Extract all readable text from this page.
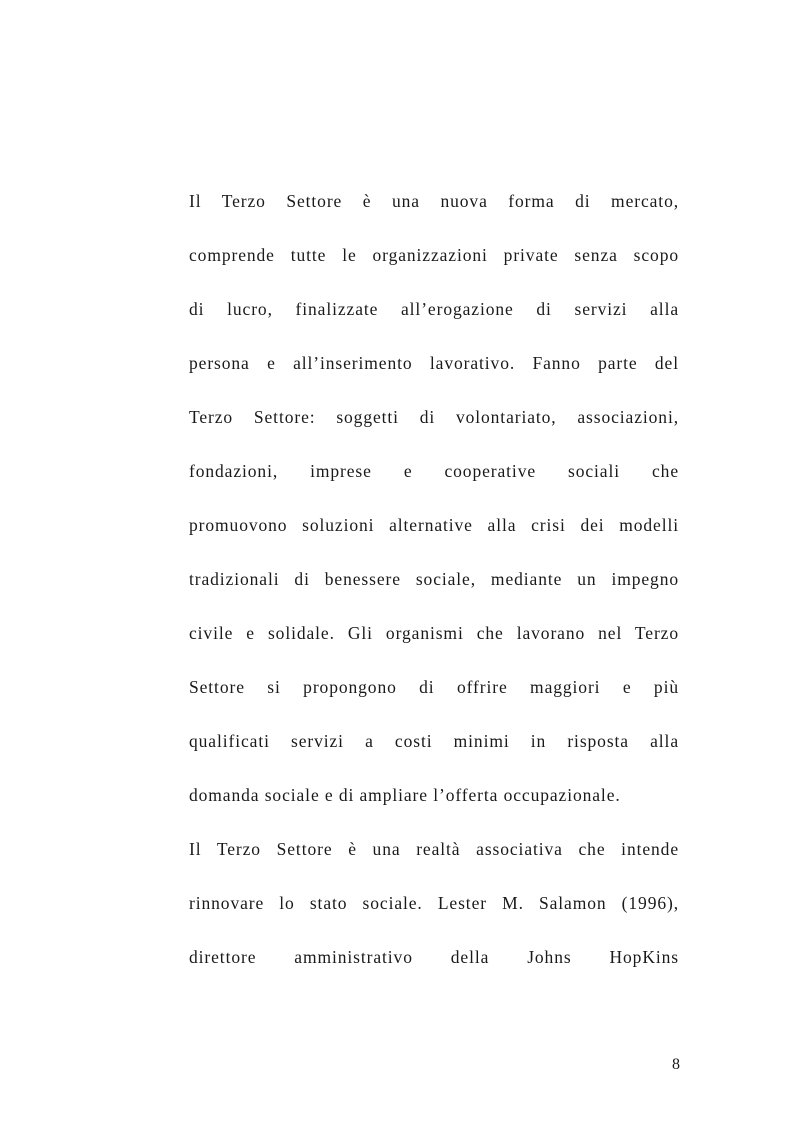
Il Terzo Settore è una nuova forma di mercato,
comprende tutte le organizzazioni private senza scopo
di lucro, finalizzate all’erogazione di servizi alla
persona e all’inserimento lavorativo. Fanno parte del
Terzo Settore: soggetti di volontariato, associazioni,
fondazioni, imprese e cooperative sociali che
promuovono soluzioni alternative alla crisi dei modelli
tradizionali di benessere sociale, mediante un impegno
civile e solidale. Gli organismi che lavorano nel Terzo
Settore si propongono di offrire maggiori e più
qualificati servizi a costi minimi in risposta alla
domanda sociale e di ampliare l’offerta occupazionale.
Il Terzo Settore è una realtà associativa che intende
rinnovare lo stato sociale. Lester M. Salamon (1996),
direttore amministrativo della Johns HopKins
8
